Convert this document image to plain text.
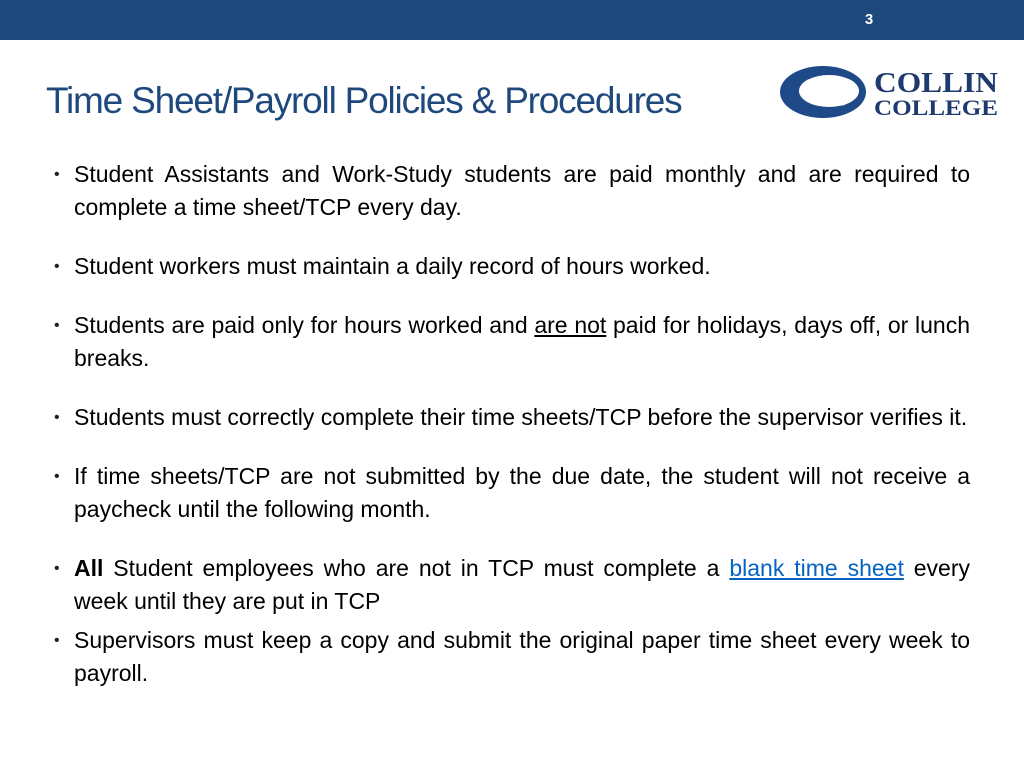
3
Time Sheet/Payroll Policies & Procedures	COLLIN
COLLEGE
• Student Assistants and Work-Study students are paid monthly and are required to complete a time sheet/TCP every day.
• Student workers must maintain a daily record of hours worked.
• Students are paid only for hours worked and are not paid for holidays, days off, or lunch breaks.
• Students must correctly complete their time sheets/TCP before the supervisor verifies it.
• If time sheets/TCP are not submitted by the due date, the student will not receive a paycheck until the following month.
• All Student employees who are not in TCP must complete a blank time sheet every week until they are put in TCP
• Supervisors must keep a copy and submit the original paper time sheet every week to payroll.
